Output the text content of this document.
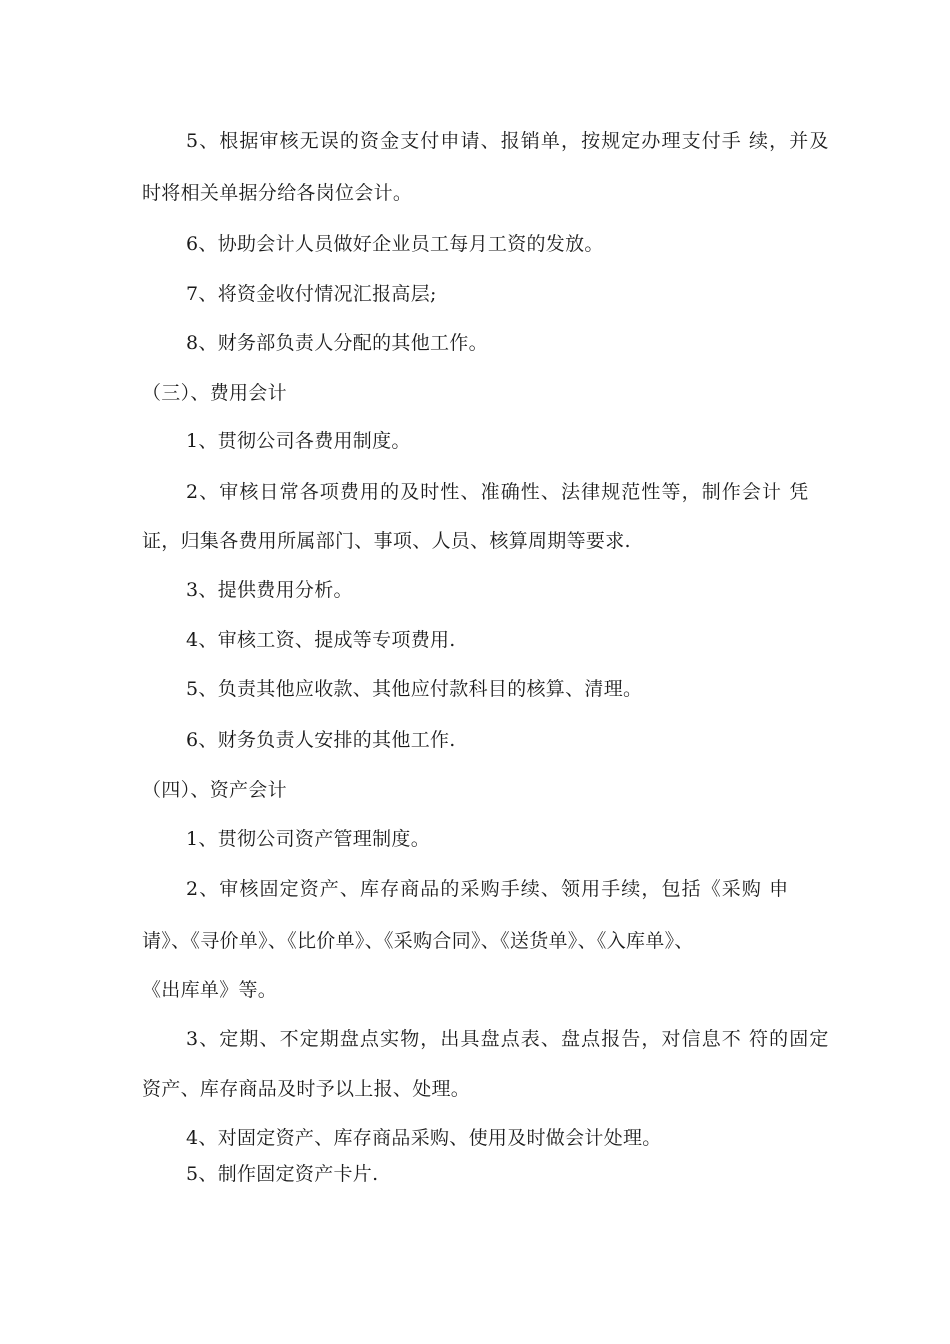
5、根据审核无误的资金支付申请、报销单，按规定办理支付手 续，并及
时将相关单据分给各岗位会计。
6、协助会计人员做好企业员工每月工资的发放。
7、将资金收付情况汇报高层;
8、财务部负责人分配的其他工作。
（三）、费用会计
1、贯彻公司各费用制度。
2、审核日常各项费用的及时性、准确性、法律规范性等，制作会计 凭
证，归集各费用所属部门、事项、人员、核算周期等要求.
3、提供费用分析。
4、审核工资、提成等专项费用.
5、负责其他应收款、其他应付款科目的核算、清理。
6、财务负责人安排的其他工作.
（四）、资产会计
1、贯彻公司资产管理制度。
2、审核固定资产、库存商品的采购手续、领用手续，包括《采购 申
请》、《寻价单》、《比价单》、《采购合同》、《送货单》、《入库单》、
《出库单》等。
3、定期、不定期盘点实物，出具盘点表、盘点报告，对信息不 符的固定
资产、库存商品及时予以上报、处理。
4、对固定资产、库存商品采购、使用及时做会计处理。
5、制作固定资产卡片.
